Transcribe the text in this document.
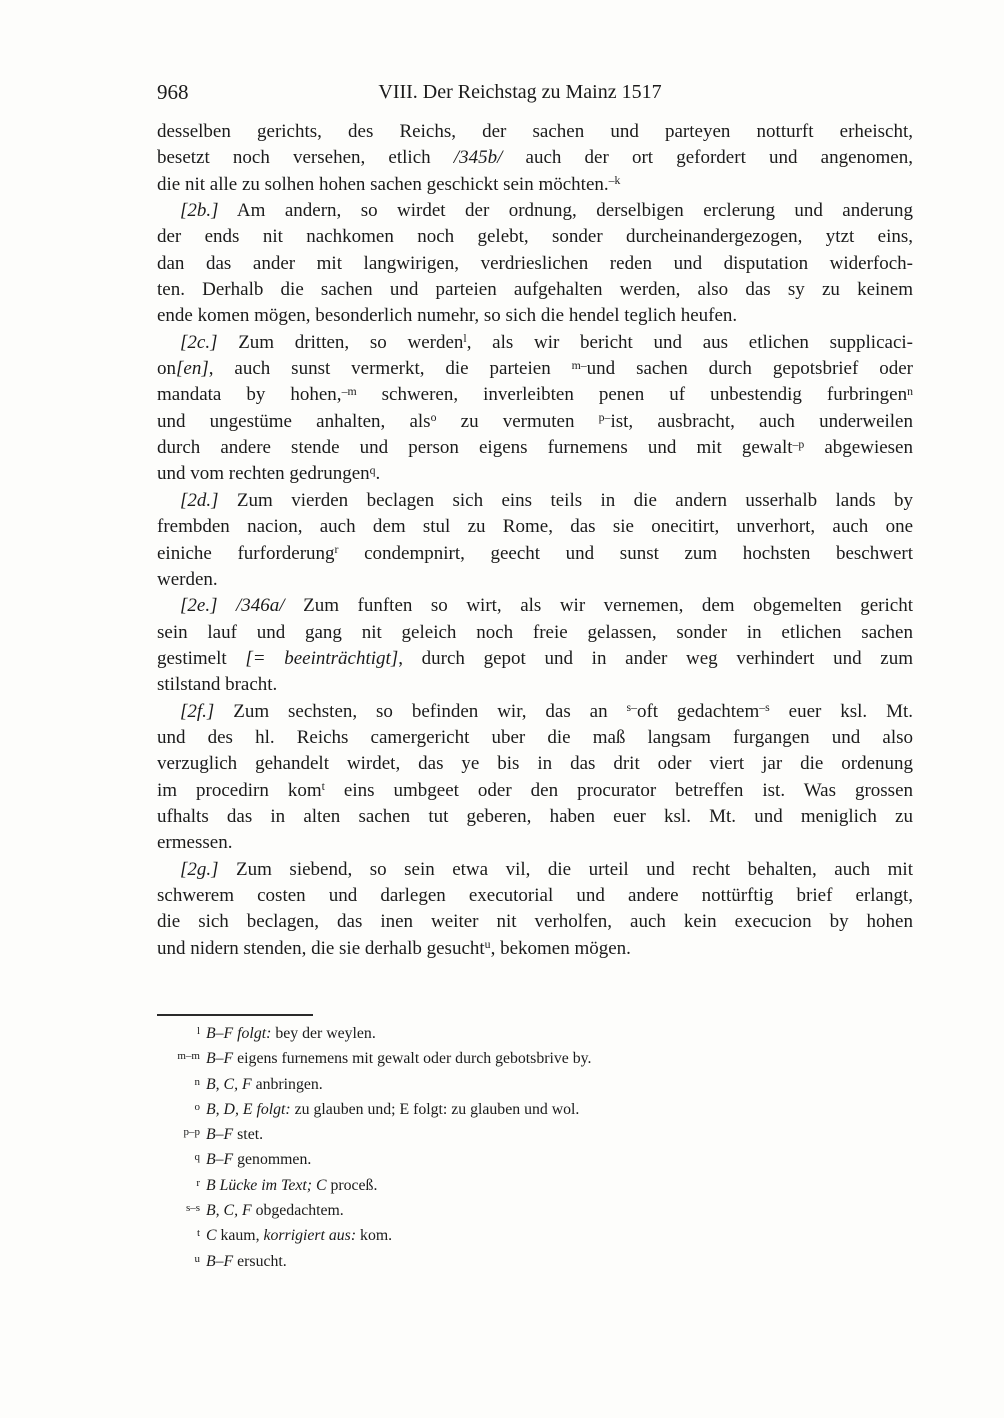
968	VIII. Der Reichstag zu Mainz 1517
desselben gerichts, des Reichs, der sachen und parteyen notturft erheischt,
besetzt noch versehen, etlich /345b/ auch der ort gefordert und angenomen,
die nit alle zu solhen hohen sachen geschickt sein möchten.$^{-k}$
[2b.] Am andern, so wirdet der ordnung, derselbigen erclerung und anderung
der ends nit nachkomen noch gelebt, sonder durcheinandergezogen, ytzt eins,
dan das ander mit langwirigen, verdrieslichen reden und disputation widerfoch-
ten. Derhalb die sachen und parteien aufgehalten werden, also das sy zu keinem
ende komen mögen, besonderlich numehr, so sich die hendel teglich heufen.
[2c.] Zum dritten, so werden$^l$, als wir bericht und aus etlichen supplicaci-
on[en], auch sunst vermerkt, die parteien $^{m-}$und sachen durch gepotsbrief oder
mandata by hohen,$^{-m}$ schweren, inverleibten penen uf unbestendig furbringen$^n$
und ungestüme anhalten, als$^o$ zu vermuten $^{p-}$ist, ausbracht, auch underweilen
durch andere stende und person eigens furnemens und mit gewalt$^{-p}$ abgewiesen
und vom rechten gedrungen$^q$.
[2d.] Zum vierden beclagen sich eins teils in die andern usserhalb lands by
frembden nacion, auch dem stul zu Rome, das sie onecitirt, unverhort, auch one
einiche furforderung$^r$ condempnirt, geecht und sunst zum hochsten beschwert
werden.
[2e.] /346a/ Zum funften so wirt, als wir vernemen, dem obgemelten gericht
sein lauf und gang nit geleich noch freie gelassen, sonder in etlichen sachen
gestimelt [= beeinträchtigt], durch gepot und in ander weg verhindert und zum
stilstand bracht.
[2f.] Zum sechsten, so befinden wir, das an $^{s-}$oft gedachtem$^{-s}$ euer ksl. Mt.
und des hl. Reichs camergericht uber die maß langsam furgangen und also
verzuglich gehandelt wirdet, das ye bis in das drit oder viert jar die ordenung
im procedirn kom$^t$ eins umbgeet oder den procurator betreffen ist. Was grossen
ufhalts das in alten sachen tut geberen, haben euer ksl. Mt. und meniglich zu
ermessen.
[2g.] Zum siebend, so sein etwa vil, die urteil und recht behalten, auch mit
schwerem costen und darlegen executorial und andere nottürftig brief erlangt,
die sich beclagen, das inen weiter nit verholfen, auch kein execucion by hohen
und nidern stenden, die sie derhalb gesucht$^u$, bekomen mögen.
l B–F folgt: bey der weylen.
m–m B–F eigens furnemens mit gewalt oder durch gebotsbrive by.
n B, C, F anbringen.
o B, D, E folgt: zu glauben und; E folgt: zu glauben und wol.
p–p B–F stet.
q B–F genommen.
r B Lücke im Text; C proceß.
s–s B, C, F obgedachtem.
t C kaum, korrigiert aus: kom.
u B–F ersucht.
